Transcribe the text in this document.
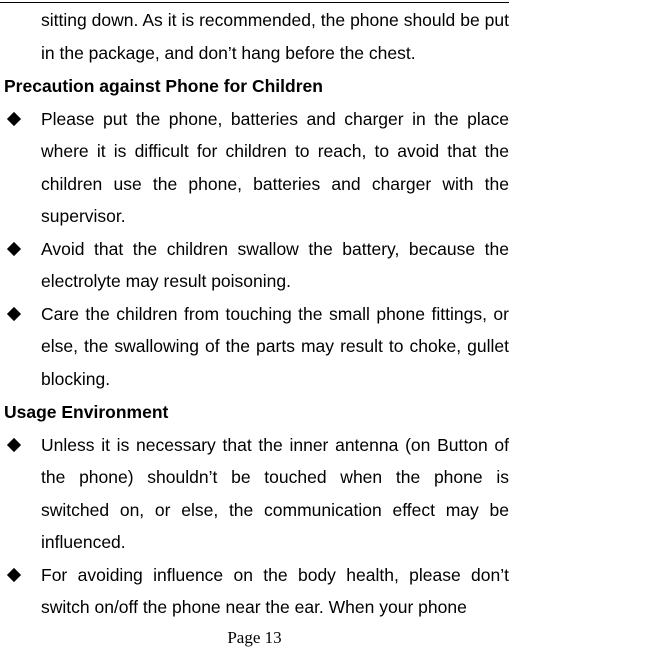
sitting down. As it is recommended, the phone should be put in the package, and don’t hang before the chest.

Precaution against Phone for Children
Please put the phone, batteries and charger in the place where it is difficult for children to reach, to avoid that the children use the phone, batteries and charger with the supervisor.
Avoid that the children swallow the battery, because the electrolyte may result poisoning.
Care the children from touching the small phone fittings, or else, the swallowing of the parts may result to choke, gullet blocking.
Usage Environment
Unless it is necessary that the inner antenna (on Button of the phone) shouldn’t be touched when the phone is switched on, or else, the communication effect may be influenced.
For avoiding influence on the body health, please don’t switch on/off the phone near the ear. When your phone
Page 13
